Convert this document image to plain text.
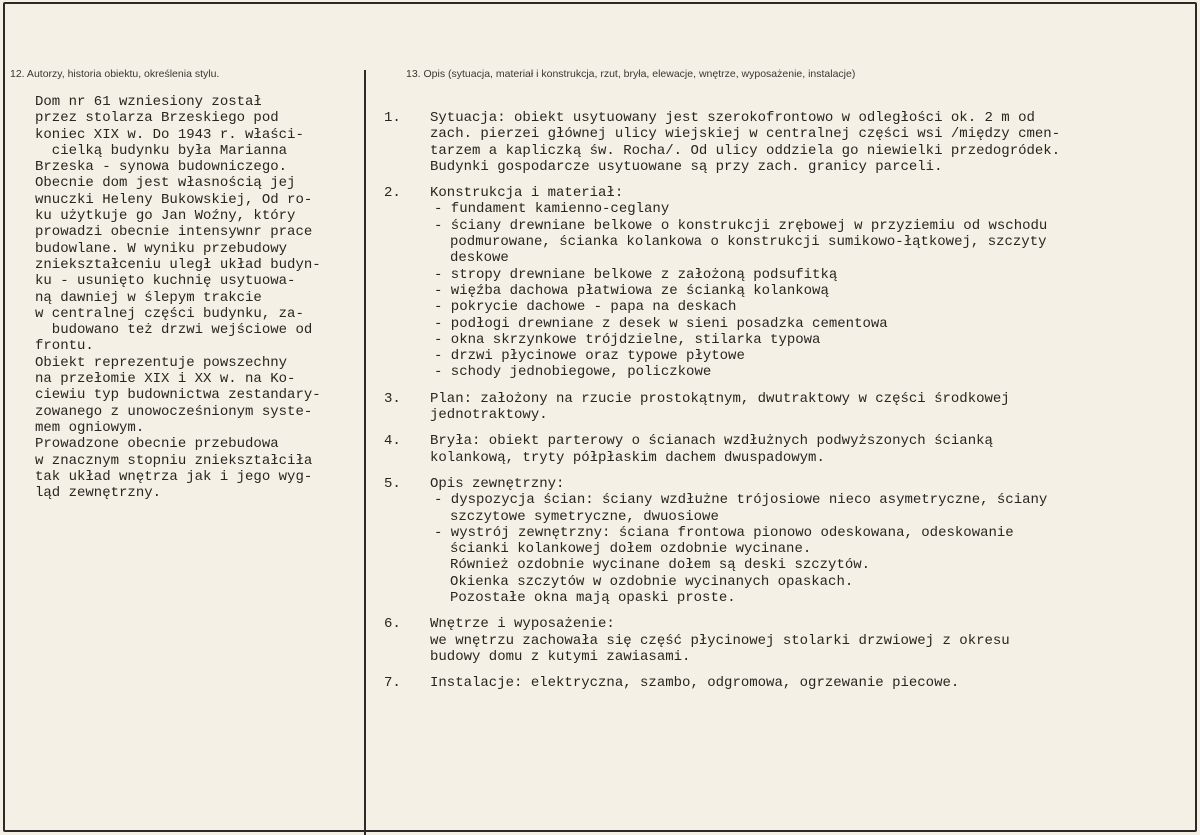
12. Autorzy, historia obiektu, określenia stylu.	13. Opis (sytuacja, materiał i konstrukcja, rzut, bryła, elewacje, wnętrze, wyposażenie, instalacje)
Dom nr 61 wzniesiony został
przez stolarza Brzeskiego pod
koniec XIX w. Do 1943 r. właści-
cielką budynku była Marianna
Brzeska - synowa budowniczego.
Obecnie dom jest własnością jej
wnuczki Heleny Bukowskiej, Od ro-
ku użytkuje go Jan Woźny, który
prowadzi obecnie intensywnr prace
budowlane. W wyniku przebudowy
zniekształceniu uległ układ budyn-
ku - usunięto kuchnię usytuowa-
ną dawniej w ślepym trakcie
w centralnej części budynku, za-
budowano też drzwi wejściowe od
frontu.
Obiekt reprezentuje powszechny
na przełomie XIX i XX w. na Ko-
ciewiu typ budownictwa zestandary-
zowanego z unowocześnionym syste-
mem ogniowym.
Prowadzone obecnie przebudowa
w znacznym stopniu zniekształciła
tak układ wnętrza jak i jego wyg-
ląd zewnętrzny.
1. Sytuacja: obiekt usytuowany jest szerokofrontowo w odległości ok. 2 m od
zach. pierzei głównej ulicy wiejskiej w centralnej części wsi /między cmen-
tarzem a kapliczką św. Rocha/. Od ulicy oddziela go niewielki przedogródek.
Budynki gospodarcze usytuowane są przy zach. granicy parceli.
2. Konstrukcja i materiał:
- fundament kamienno-ceglany
- ściany drewniane belkowe o konstrukcji zrębowej w przyziemiu od wschodu
podmurowane, ścianka kolankowa o konstrukcji sumikowo-łątkowej, szczyty
deskowe
- stropy drewniane belkowe z założoną podsufitką
- więźba dachowa płatwiowa ze ścianką kolankową
- pokrycie dachowe - papa na deskach
- podłogi drewniane z desek w sieni posadzka cementowa
- okna skrzynkowe trójdzielne, stilarka typowa
- drzwi płycinowe oraz typowe płytowe
- schody jednobiegowe, policzkowe
3. Plan: założony na rzucie prostokątnym, dwutraktowy w części środkowej
jednotraktowy.
4. Bryła: obiekt parterowy o ścianach wzdłużnych podwyższonych ścianką
kolankową, tryty półpłaskim dachem dwuspadowym.
5. Opis zewnętrzny:
- dyspozycja ścian: ściany wzdłużne trójosiowe nieco asymetryczne, ściany
szczytowe symetryczne, dwuosiowe
- wystrój zewnętrzny: ściana frontowa pionowo odeskowana, odeskowanie
ścianki kolankowej dołem ozdobnie wycinane.
Również ozdobnie wycinane dołem są deski szczytów.
Okienka szczytów w ozdobnie wycinanych opaskach.
Pozostałe okna mają opaski proste.
6. Wnętrze i wyposażenie:
we wnętrzu zachowała się część płycinowej stolarki drzwiowej z okresu
budowy domu z kutymi zawiasami.
7. Instalacje: elektryczna, szambo, odgromowa, ogrzewanie piecowe.
